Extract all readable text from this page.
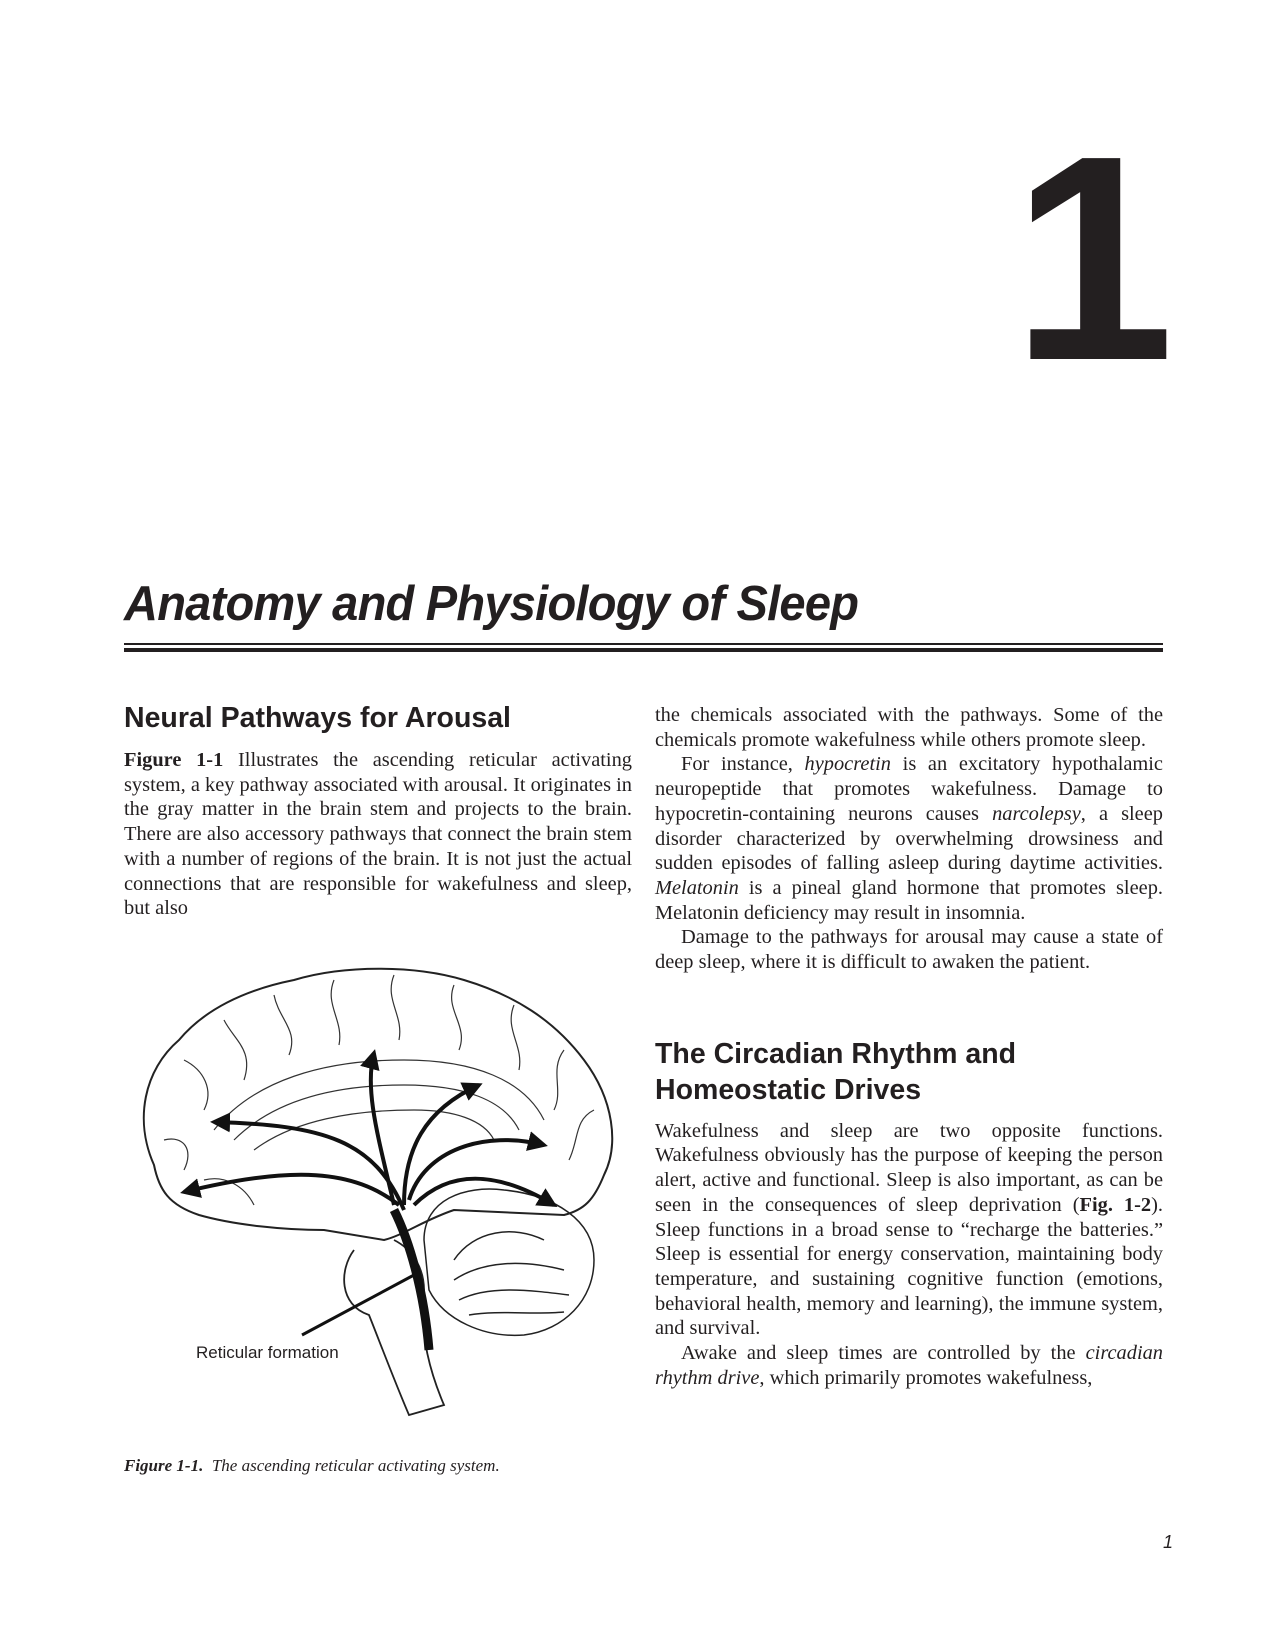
1
Anatomy and Physiology of Sleep
Neural Pathways for Arousal

Figure 1-1 Illustrates the ascending reticular activating system, a key pathway associated with arousal. It originates in the gray matter in the brain stem and projects to the brain. There are also accessory pathways that connect the brain stem with a number of regions of the brain. It is not just the actual connections that are responsible for wakefulness and sleep, but also

the chemicals associated with the pathways. Some of the chemicals promote wakefulness while others promote sleep.

For instance, hypocretin is an excitatory hypothalamic neuropeptide that promotes wakefulness. Damage to hypocretin-containing neurons causes narcolepsy, a sleep disorder characterized by overwhelming drowsiness and sudden episodes of falling asleep during daytime activities. Melatonin is a pineal gland hormone that promotes sleep. Melatonin deficiency may result in insomnia.

Damage to the pathways for arousal may cause a state of deep sleep, where it is difficult to awaken the patient.

The Circadian Rhythm and Homeostatic Drives

Wakefulness and sleep are two opposite functions. Wakefulness obviously has the purpose of keeping the person alert, active and functional. Sleep is also important, as can be seen in the consequences of sleep deprivation (Fig. 1-2). Sleep functions in a broad sense to “recharge the batteries.” Sleep is essential for energy conservation, maintaining body temperature, and sustaining cognitive function (emotions, behavioral health, memory and learning), the immune system, and survival.

Awake and sleep times are controlled by the circadian rhythm drive, which primarily promotes wakefulness,

Reticular formation
Figure 1-1. The ascending reticular activating system.
1
